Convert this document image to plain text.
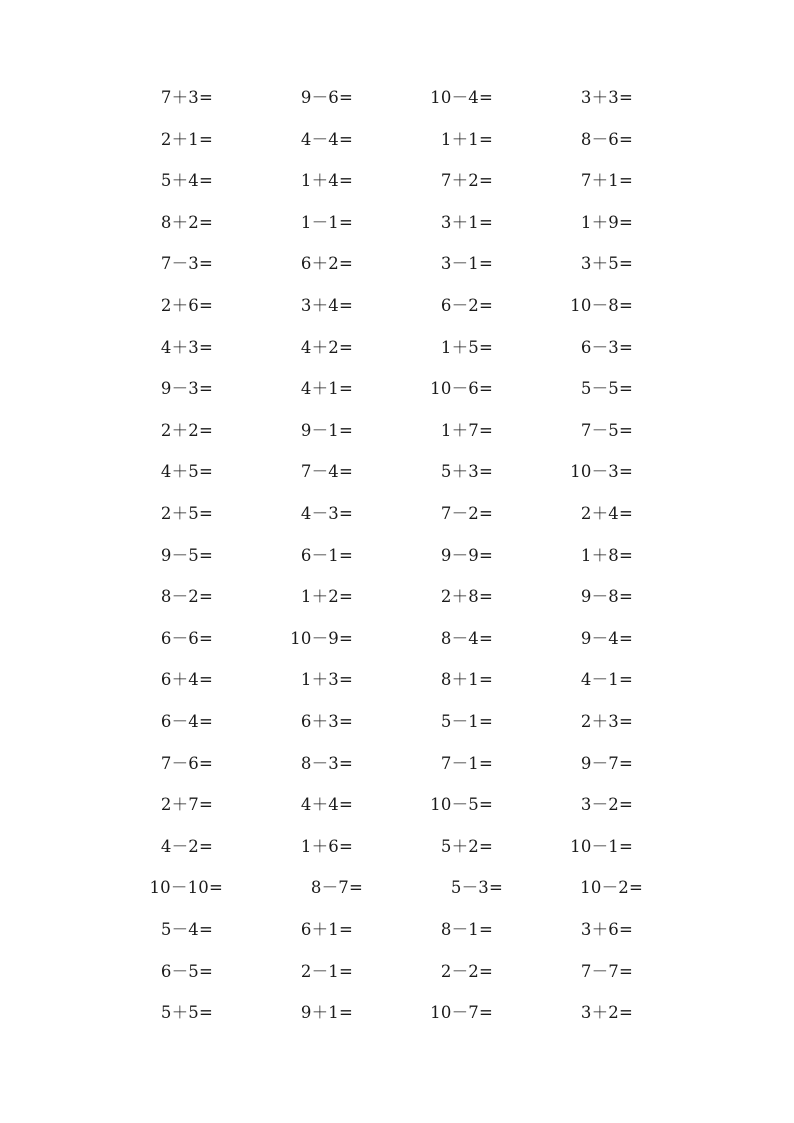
7＋3=	9－6=	10－4=	3＋3=
2＋1=	4－4=	1＋1=	8－6=
5＋4=	1＋4=	7＋2=	7＋1=
8＋2=	1－1=	3＋1=	1＋9=
7－3=	6＋2=	3－1=	3＋5=
2＋6=	3＋4=	6－2=	10－8=
4＋3=	4＋2=	1＋5=	6－3=
9－3=	4＋1=	10－6=	5－5=
2＋2=	9－1=	1＋7=	7－5=
4＋5=	7－4=	5＋3=	10－3=
2＋5=	4－3=	7－2=	2＋4=
9－5=	6－1=	9－9=	1＋8=
8－2=	1＋2=	2＋8=	9－8=
6－6=	10－9=	8－4=	9－4=
6＋4=	1＋3=	8＋1=	4－1=
6－4=	6＋3=	5－1=	2＋3=
7－6=	8－3=	7－1=	9－7=
2＋7=	4＋4=	10－5=	3－2=
4－2=	1＋6=	5＋2=	10－1=
10－10=	8－7=	5－3=	10－2=
5－4=	6＋1=	8－1=	3＋6=
6－5=	2－1=	2－2=	7－7=
5＋5=	9＋1=	10－7=	3＋2=
